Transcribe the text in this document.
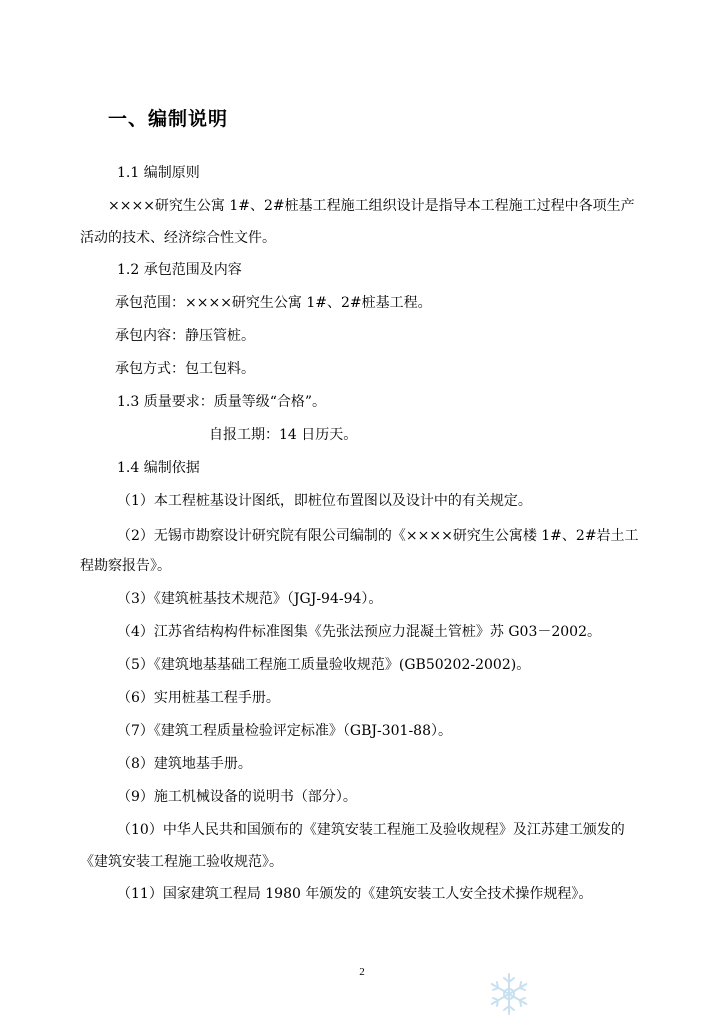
一、编制说明
1.1 编制原则
××××研究生公寓 1#、2#桩基工程施工组织设计是指导本工程施工过程中各项生产
活动的技术、经济综合性文件。
1.2 承包范围及内容
承包范围：××××研究生公寓 1#、2#桩基工程。
承包内容：静压管桩。
承包方式：包工包料。
1.3 质量要求：质量等级“合格”。
自报工期：14 日历天。
1.4 编制依据
（1）本工程桩基设计图纸，即桩位布置图以及设计中的有关规定。
（2）无锡市勘察设计研究院有限公司编制的《××××研究生公寓楼 1#、2#岩土工
程勘察报告》。
（3）《建筑桩基技术规范》（JGJ-94-94）。
（4）江苏省结构构件标准图集《先张法预应力混凝土管桩》苏 G03－2002。
（5）《建筑地基基础工程施工质量验收规范》(GB50202-2002)。
（6）实用桩基工程手册。
（7）《建筑工程质量检验评定标准》（GBJ-301-88）。
（8）建筑地基手册。
（9）施工机械设备的说明书（部分）。
（10）中华人民共和国颁布的《建筑安装工程施工及验收规程》及江苏建工颁发的
《建筑安装工程施工验收规范》。
（11）国家建筑工程局 1980 年颁发的《建筑安装工人安全技术操作规程》。
2
